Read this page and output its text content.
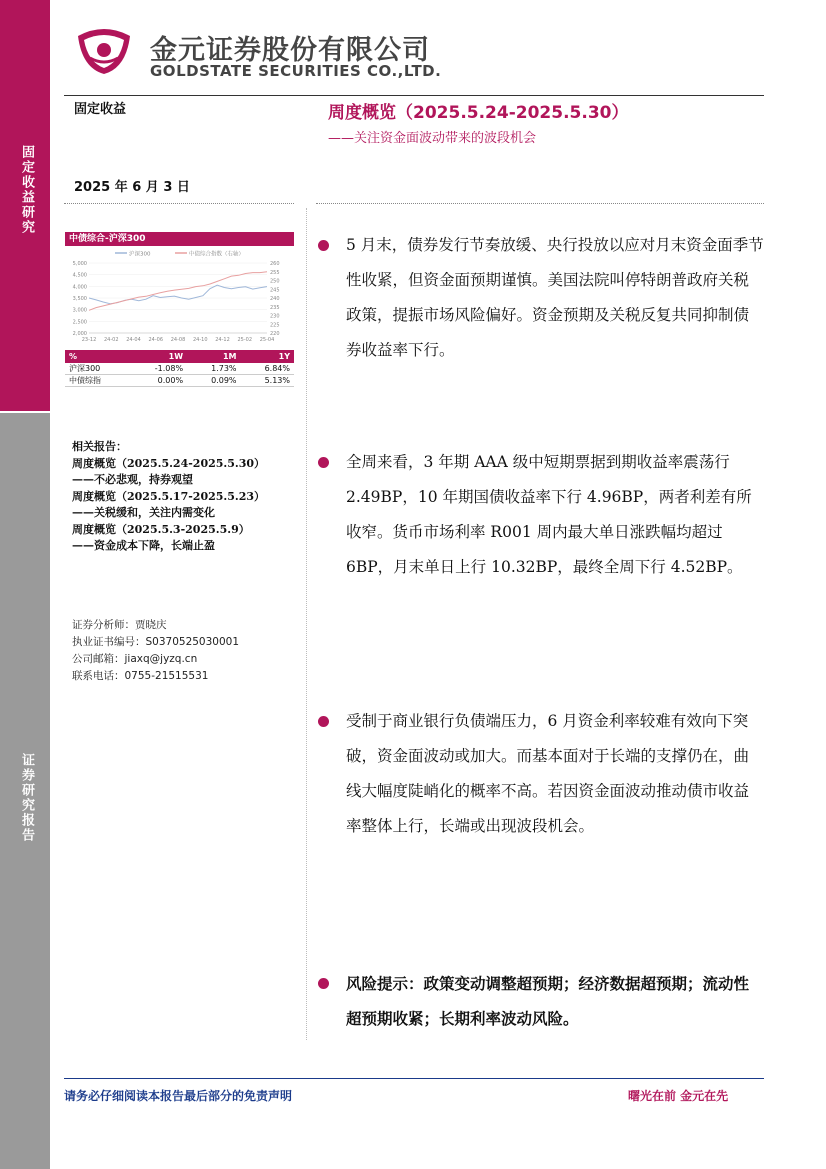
固定收益研究
证券研究报告
金元证券股份有限公司
GOLDSTATE SECURITIES CO.,LTD.
固定收益
2025 年 6 月 3 日
周度概览（2025.5.24-2025.5.30）
——关注资金面波动带来的波段机会
中债综合-沪深300
沪深300	中债综合指数（右轴）
5,000
4,500
4,000
3,500
3,000
2,500
2,000
260
255
250
245
240
235
230
225
220
23-12 24-02 24-04 24-06 24-08 24-10 24-12 25-02 25-04
%	1W	1M	1Y
沪深300	-1.08%	1.73%	6.84%
中债综指	0.00%	0.09%	5.13%
相关报告：
周度概览（2025.5.24-2025.5.30）
——不必悲观，持券观望
周度概览（2025.5.17-2025.5.23）
——关税缓和，关注内需变化
周度概览（2025.5.3-2025.5.9）
——资金成本下降，长端止盈
证券分析师：贾晓庆
执业证书编号：S0370525030001
公司邮箱：jiaxq@jyzq.cn
联系电话：0755-21515531
5 月末，债券发行节奏放缓、央行投放以应对月末资金面季节性收紧，但资金面预期谨慎。美国法院叫停特朗普政府关税政策，提振市场风险偏好。资金预期及关税反复共同抑制债券收益率下行。
全周来看，3 年期 AAA 级中短期票据到期收益率震荡行 2.49BP，10 年期国债收益率下行 4.96BP，两者利差有所收窄。货币市场利率 R001 周内最大单日涨跌幅均超过 6BP，月末单日上行 10.32BP，最终全周下行 4.52BP。
受制于商业银行负债端压力，6 月资金利率较难有效向下突破，资金面波动或加大。而基本面对于长端的支撑仍在，曲线大幅度陡峭化的概率不高。若因资金面波动推动债市收益率整体上行，长端或出现波段机会。
风险提示：政策变动调整超预期；经济数据超预期；流动性超预期收紧；长期利率波动风险。
请务必仔细阅读本报告最后部分的免责声明	曙光在前 金元在先
